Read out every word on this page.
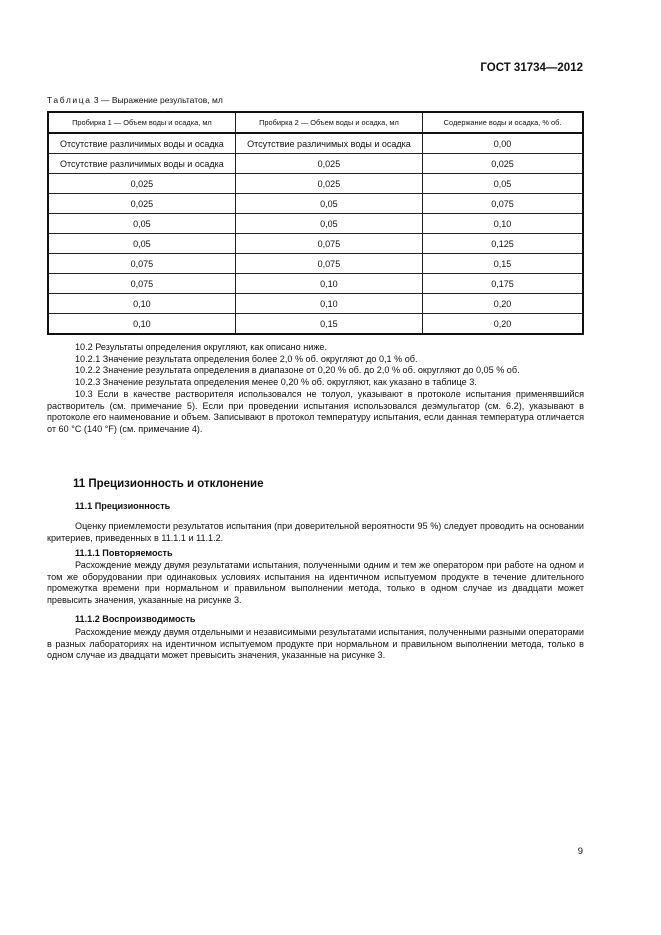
ГОСТ 31734—2012
Таблица 3 — Выражение результатов, мл
Пробирка 1 — Объем воды и осадка, мл	Пробирка 2 — Объем воды и осадка, мл	Содержание воды и осадка, % об.
Отсутствие различимых воды и осадка	Отсутствие различимых воды и осадка	0,00
Отсутствие различимых воды и осадка	0,025	0,025
0,025	0,025	0,05
0,025	0,05	0,075
0,05	0,05	0,10
0,05	0,075	0,125
0,075	0,075	0,15
0,075	0,10	0,175
0,10	0,10	0,20
0,10	0,15	0,20

10.2 Результаты определения округляют, как описано ниже.

10.2.1 Значение результата определения более 2,0 % об. округляют до 0,1 % об.

10.2.2 Значение результата определения в диапазоне от 0,20 % об. до 2,0 % об. округляют до 0,05 % об.

10.2.3 Значение результата определения менее 0,20 % об. округляют, как указано в таблице 3.

10.3 Если в качестве растворителя использовался не толуол, указывают в протоколе испытания применявшийся растворитель (см. примечание 5). Если при проведении испытания использовался деэмульгатор (см. 6.2), указывают в протоколе его наименование и объем. Записывают в протокол температуру испытания, если данная температура отличается от 60 °С (140 °F) (см. примечание 4).

11 Прецизионность и отклонение
11.1 Прецизионность

Оценку приемлемости результатов испытания (при доверительной вероятности 95 %) следует проводить на основании критериев, приведенных в 11.1.1 и 11.1.2.

11.1.1 Повторяемость

Расхождение между двумя результатами испытания, полученными одним и тем же оператором при работе на одном и том же оборудовании при одинаковых условиях испытания на идентичном испытуемом продукте в течение длительного промежутка времени при нормальном и правильном выполнении метода, только в одном случае из двадцати может превысить значения, указанные на рисунке 3.

11.1.2 Воспроизводимость

Расхождение между двумя отдельными и независимыми результатами испытания, полученными разными операторами в разных лабораториях на идентичном испытуемом продукте при нормальном и правильном выполнении метода, только в одном случае из двадцати может превысить значения, указанные на рисунке 3.

9
